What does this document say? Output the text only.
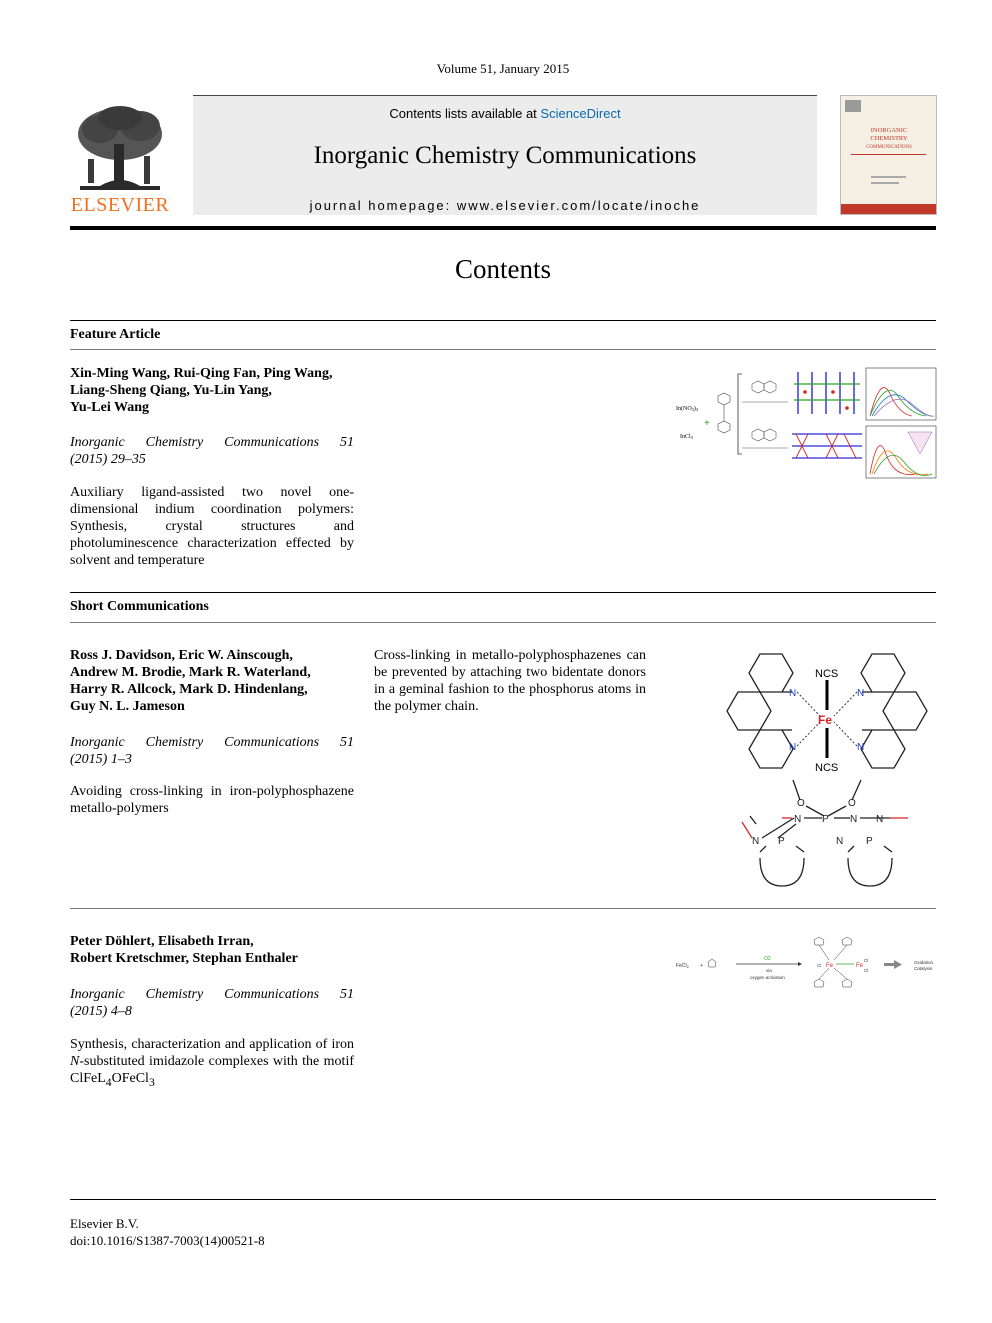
Volume 51, January 2015
ELSEVIER
Contents lists available at ScienceDirect
Inorganic Chemistry Communications
journal homepage: www.elsevier.com/locate/inoche
INORGANIC
CHEMISTRY
COMMUNICATIONS
Contents
Feature Article
Xin-Ming Wang, Rui-Qing Fan, Ping Wang,
Liang-Sheng Qiang, Yu-Lin Yang,
Yu-Lei Wang
Inorganic Chemistry Communications 51
(2015) 29–35
Auxiliary ligand-assisted two novel one-dimensional indium coordination polymers: Synthesis, crystal structures and photoluminescence characterization effected by solvent and temperature
In(NO3)3
InCl3
+
Short Communications
Ross J. Davidson, Eric W. Ainscough,
Andrew M. Brodie, Mark R. Waterland,
Harry R. Allcock, Mark D. Hindenlang,
Guy N. L. Jameson
Inorganic Chemistry Communications 51
(2015) 1–3
Avoiding cross-linking in iron-polyphosphazene metallo-polymers
Cross-linking in metallo-polyphosphazenes can be prevented by attaching two bidentate donors in a geminal fashion to the phosphorus atoms in the polymer chain.
NCS
Fe
NCS
N
N
N
N
O	O
P
N	N
P	P
N	N
N
Peter Döhlert, Elisabeth Irran,
Robert Kretschmer, Stephan Enthaler
Inorganic Chemistry Communications 51
(2015) 4–8
Synthesis, characterization and application of iron N-substituted imidazole complexes with the motif ClFeL$_4$OFeCl$_3$
FeCl$_2$ +
O2
via
oxygen activation
Fe	Fe
Cl
Cl
Cl
Oxidation
Catalysis
Elsevier B.V.
doi:10.1016/S1387-7003(14)00521-8
